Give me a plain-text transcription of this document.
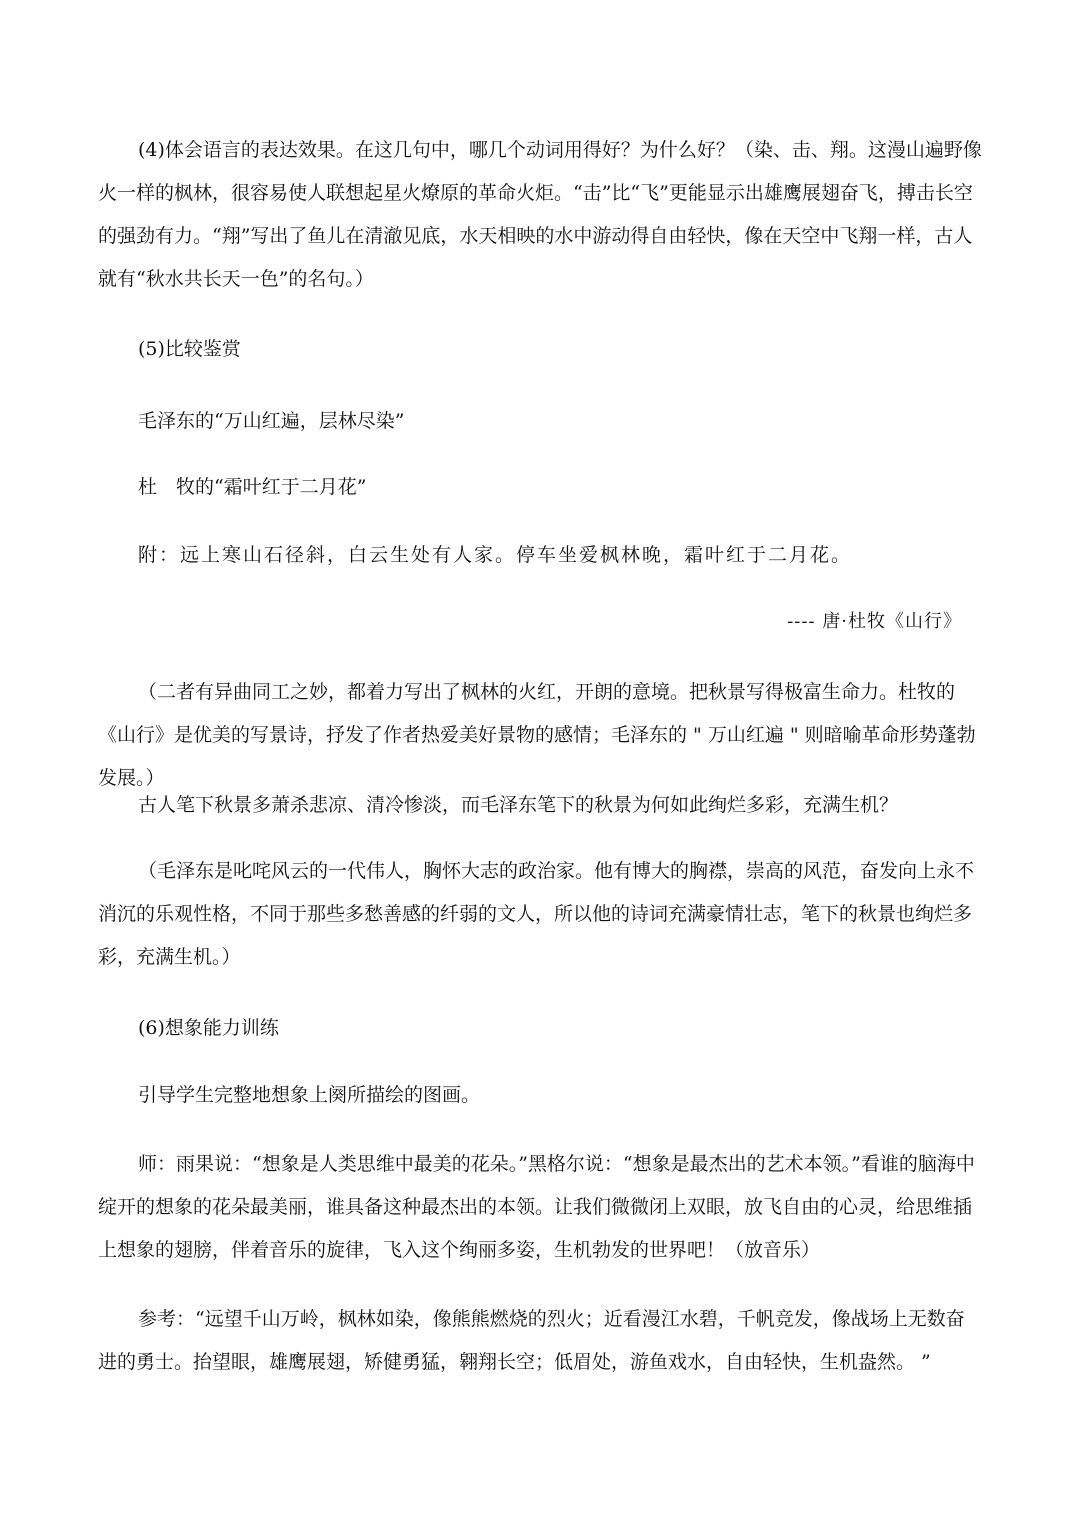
(4)体会语言的表达效果。在这几句中，哪几个动词用得好？为什么好？（染、击、翔。这漫山遍野像火一样的枫林，很容易使人联想起星火燎原的革命火炬。“击”比“飞”更能显示出雄鹰展翅奋飞，搏击长空的强劲有力。“翔”写出了鱼儿在清澈见底，水天相映的水中游动得自由轻快，像在天空中飞翔一样，古人就有“秋水共长天一色”的名句。）

(5)比较鉴赏

毛泽东的“万山红遍，层林尽染”

杜　牧的“霜叶红于二月花”

附：远上寒山石径斜，白云生处有人家。停车坐爱枫林晚，霜叶红于二月花。

---- 唐·杜牧《山行》

（二者有异曲同工之妙，都着力写出了枫林的火红，开朗的意境。把秋景写得极富生命力。杜牧的《山行》是优美的写景诗，抒发了作者热爱美好景物的感情；毛泽东的 " 万山红遍 " 则暗喻革命形势蓬勃发展。）

古人笔下秋景多萧杀悲凉、清冷惨淡，而毛泽东笔下的秋景为何如此绚烂多彩，充满生机？

（毛泽东是叱咤风云的一代伟人，胸怀大志的政治家。他有博大的胸襟，崇高的风范，奋发向上永不消沉的乐观性格，不同于那些多愁善感的纤弱的文人，所以他的诗词充满豪情壮志，笔下的秋景也绚烂多彩，充满生机。）

(6)想象能力训练

引导学生完整地想象上阕所描绘的图画。

师：雨果说：“想象是人类思维中最美的花朵。”黑格尔说：“想象是最杰出的艺术本领。”看谁的脑海中绽开的想象的花朵最美丽，谁具备这种最杰出的本领。让我们微微闭上双眼，放飞自由的心灵，给思维插上想象的翅膀，伴着音乐的旋律，飞入这个绚丽多姿，生机勃发的世界吧！（放音乐）

参考：“远望千山万岭，枫林如染，像熊熊燃烧的烈火；近看漫江水碧，千帆竞发，像战场上无数奋进的勇士。抬望眼，雄鹰展翅，矫健勇猛，翱翔长空；低眉处，游鱼戏水，自由轻快，生机盎然。 ”
